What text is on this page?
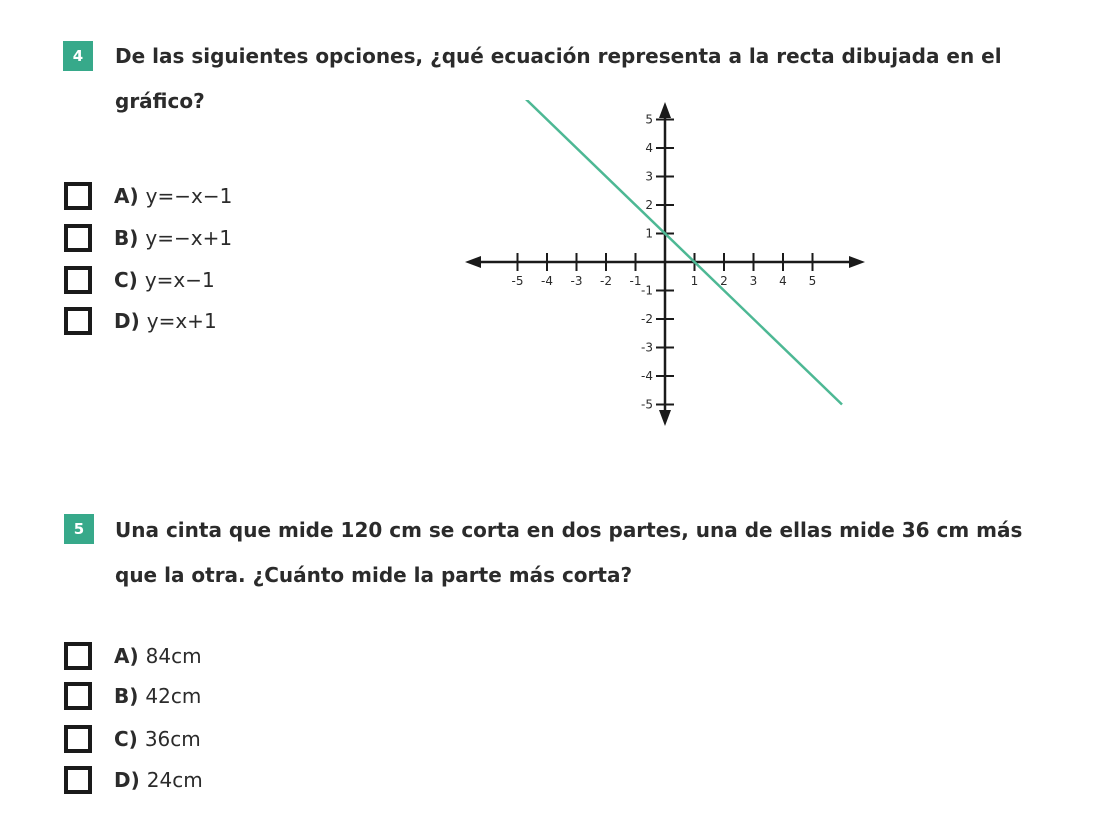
4	De las siguientes opciones, ¿qué ecuación representa a la recta dibujada en el
gráfico?
A) y=−x−1
B) y=−x+1
C) y=x−1
D) y=x+1
-5 -4 -3 -2 -1	1 2 3 4 5
5
4
3
2
1
-1
-2
-3
-4
-5
5	Una cinta que mide 120 cm se corta en dos partes, una de ellas mide 36 cm más
que la otra. ¿Cuánto mide la parte más corta?
A) 84cm
B) 42cm
C) 36cm
D) 24cm
